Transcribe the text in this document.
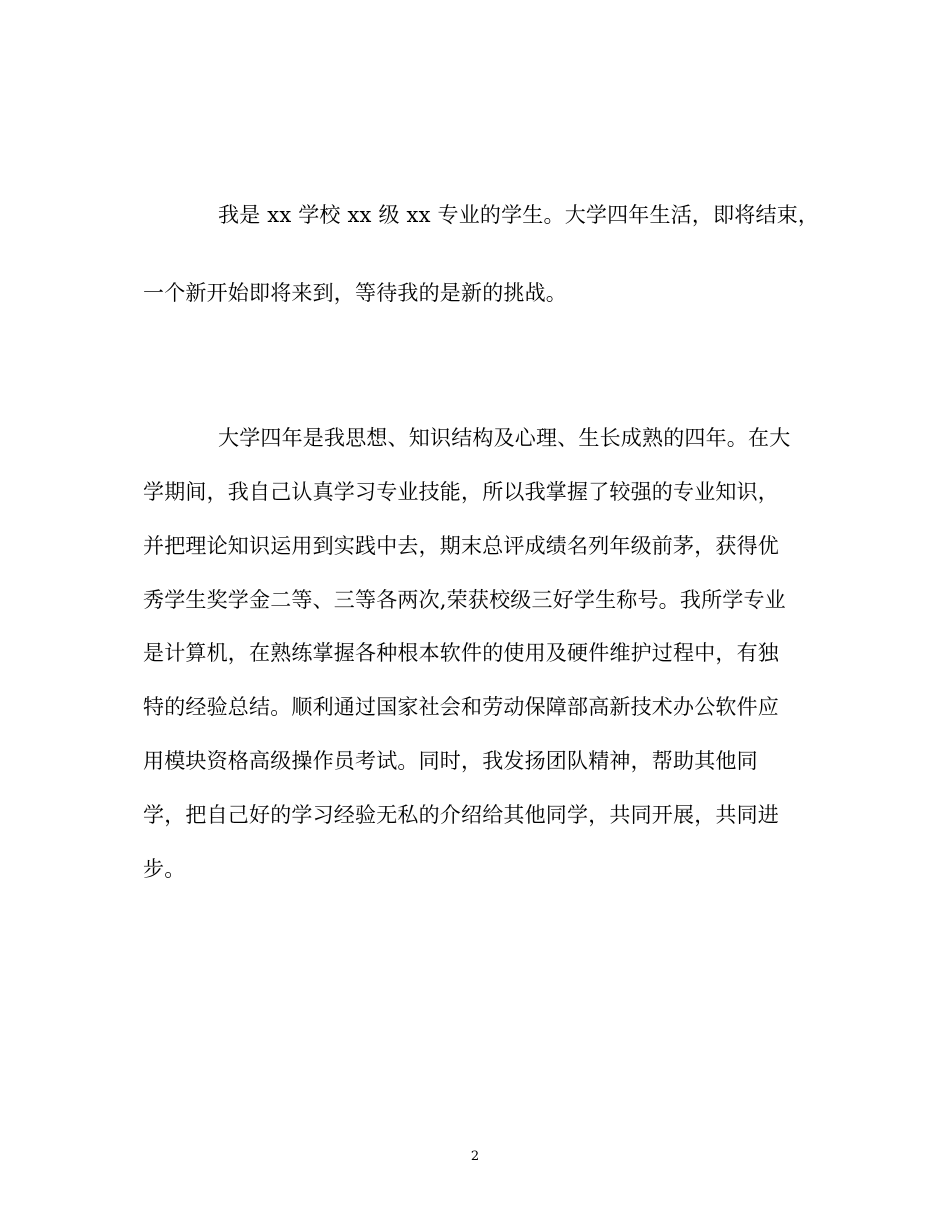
我是 xx 学校 xx 级 xx 专业的学生。大学四年生活，即将结束，
一个新开始即将来到，等待我的是新的挑战。
大学四年是我思想、知识结构及心理、生长成熟的四年。在大
学期间，我自己认真学习专业技能，所以我掌握了较强的专业知识，
并把理论知识运用到实践中去，期末总评成绩名列年级前茅，获得优
秀学生奖学金二等、三等各两次,荣获校级三好学生称号。我所学专业
是计算机，在熟练掌握各种根本软件的使用及硬件维护过程中，有独
特的经验总结。顺利通过国家社会和劳动保障部高新技术办公软件应
用模块资格高级操作员考试。同时，我发扬团队精神，帮助其他同
学，把自己好的学习经验无私的介绍给其他同学，共同开展，共同进
步。
2
